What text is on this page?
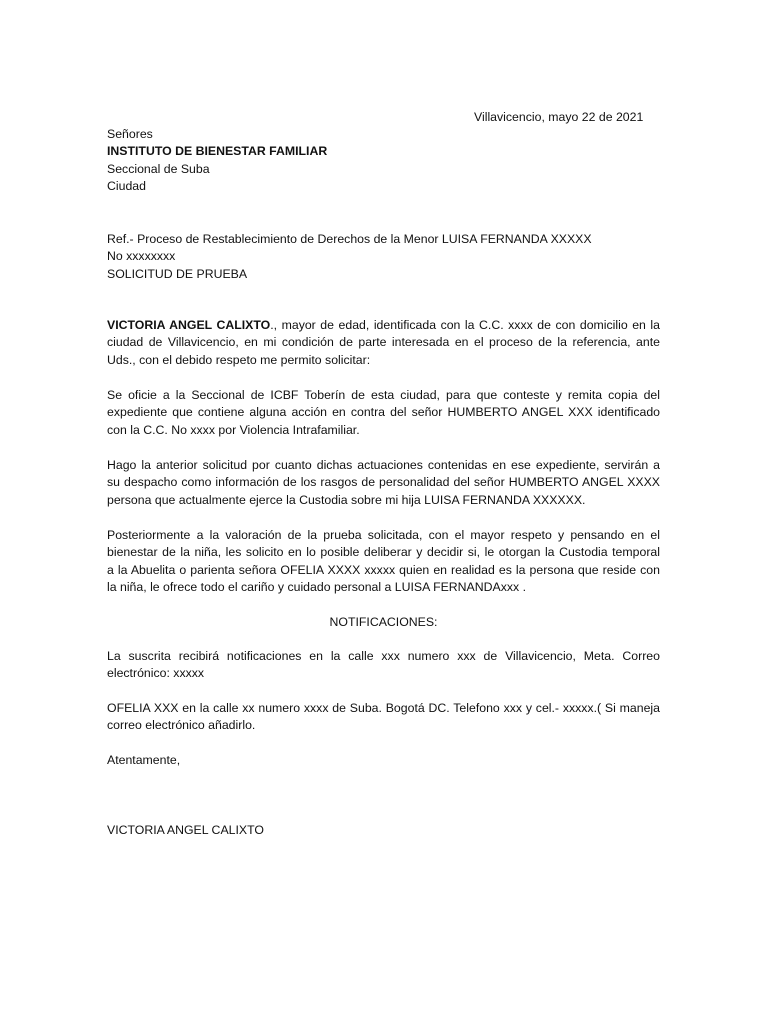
Villavicencio, mayo 22 de 2021
Señores
INSTITUTO DE BIENESTAR FAMILIAR
Seccional de Suba
Ciudad
Ref.- Proceso de Restablecimiento de Derechos de la Menor LUISA FERNANDA XXXXX
No xxxxxxxx
SOLICITUD DE PRUEBA
VICTORIA ANGEL CALIXTO., mayor de edad, identificada con la C.C. xxxx de con domicilio en la
ciudad de Villavicencio, en mi condición de parte interesada en el proceso de la referencia, ante
Uds., con el debido respeto me permito solicitar:
Se oficie a la Seccional de ICBF Toberín de esta ciudad, para que conteste y remita copia del
expediente que contiene alguna acción en contra del señor HUMBERTO ANGEL XXX identificado
con la C.C. No xxxx por Violencia Intrafamiliar.
Hago la anterior solicitud por cuanto dichas actuaciones contenidas en ese expediente, servirán a
su despacho como información de los rasgos de personalidad del señor HUMBERTO ANGEL XXXX
persona que actualmente ejerce la Custodia sobre mi hija LUISA FERNANDA XXXXXX.
Posteriormente a la valoración de la prueba solicitada, con el mayor respeto y pensando en el
bienestar de la niña, les solicito en lo posible deliberar y decidir si, le otorgan la Custodia temporal
a la Abuelita o parienta señora OFELIA XXXX xxxxx quien en realidad es la persona que reside con
la niña, le ofrece todo el cariño y cuidado personal a LUISA FERNANDAxxx .
NOTIFICACIONES:
La suscrita recibirá notificaciones en la calle xxx numero xxx de Villavicencio, Meta. Correo
electrónico: xxxxx
OFELIA XXX en la calle xx numero xxxx de Suba. Bogotá DC. Telefono xxx y cel.- xxxxx.( Si maneja
correo electrónico añadirlo.
Atentamente,
VICTORIA ANGEL CALIXTO
